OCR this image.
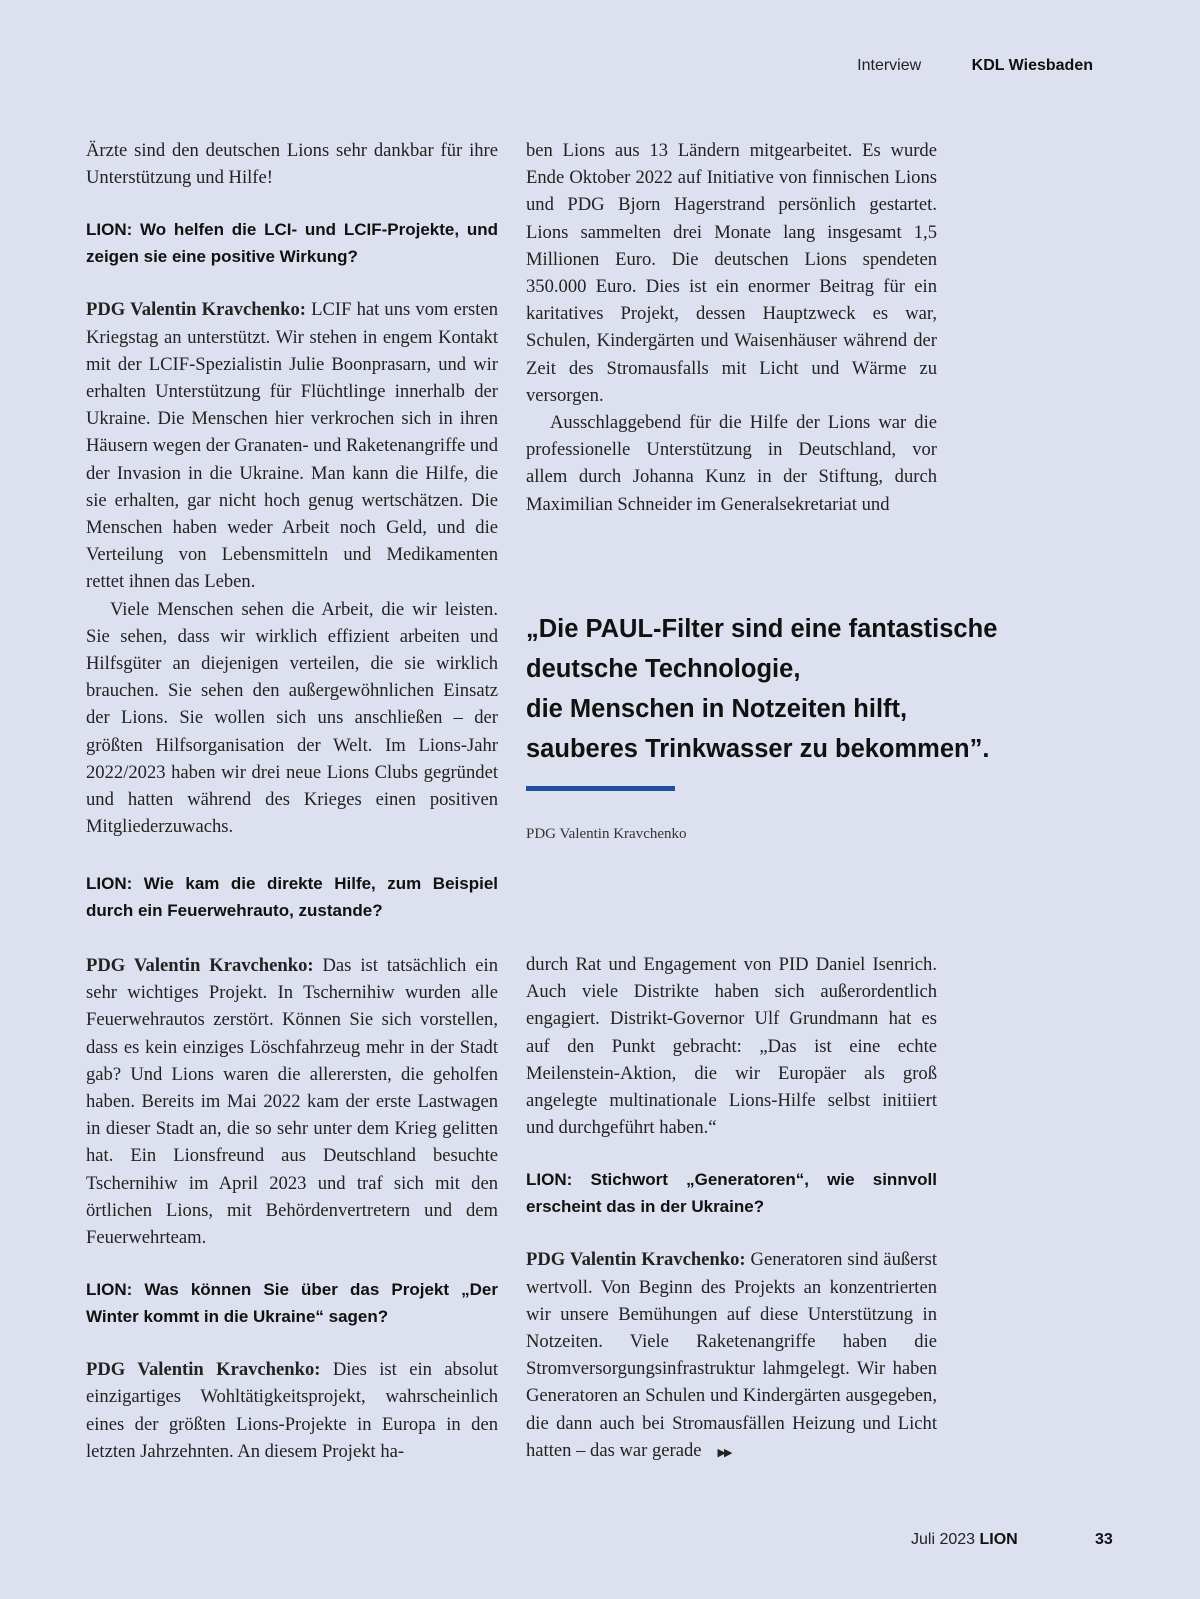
Interview	KDL Wiesbaden

Ärzte sind den deutschen Lions sehr dankbar für ihre Unterstützung und Hilfe!

LION: Wo helfen die LCI- und LCIF-Projekte, und zeigen sie eine positive Wirkung?

PDG Valentin Kravchenko: LCIF hat uns vom ersten Kriegstag an unterstützt. Wir stehen in engem Kontakt mit der LCIF-Spezialistin Julie Boonprasarn, und wir erhalten Unterstützung für Flüchtlinge innerhalb der Ukraine. Die Menschen hier verkrochen sich in ihren Häusern wegen der Granaten- und Raketenangriffe und der Invasion in die Ukraine. Man kann die Hilfe, die sie erhalten, gar nicht hoch genug wertschätzen. Die Menschen haben weder Arbeit noch Geld, und die Verteilung von Lebensmitteln und Medikamenten rettet ihnen das Leben.

Viele Menschen sehen die Arbeit, die wir leisten. Sie sehen, dass wir wirklich effizient arbeiten und Hilfsgüter an diejenigen verteilen, die sie wirklich brauchen. Sie sehen den außergewöhnlichen Einsatz der Lions. Sie wollen sich uns anschließen – der größten Hilfsorganisation der Welt. Im Lions-Jahr 2022/2023 haben wir drei neue Lions Clubs gegründet und hatten während des Krieges einen positiven Mitgliederzuwachs.

ben Lions aus 13 Ländern mitgearbeitet. Es wurde Ende Oktober 2022 auf Initiative von finnischen Lions und PDG Bjorn Hagerstrand persönlich gestartet. Lions sammelten drei Monate lang insgesamt 1,5 Millionen Euro. Die deutschen Lions spendeten 350.000 Euro. Dies ist ein enormer Beitrag für ein karitatives Projekt, dessen Hauptzweck es war, Schulen, Kindergärten und Waisenhäuser während der Zeit des Stromausfalls mit Licht und Wärme zu versorgen.

Ausschlaggebend für die Hilfe der Lions war die professionelle Unterstützung in Deutschland, vor allem durch Johanna Kunz in der Stiftung, durch Maximilian Schneider im Generalsekretariat und

„Die PAUL-Filter sind eine fantastische
deutsche Technologie,
die Menschen in Notzeiten hilft,
sauberes Trinkwasser zu bekommen”.
PDG Valentin Kravchenko

LION: Wie kam die direkte Hilfe, zum Beispiel durch ein Feuerwehrauto, zustande?

PDG Valentin Kravchenko: Das ist tatsächlich ein sehr wichtiges Projekt. In Tschernihiw wurden alle Feuerwehrautos zerstört. Können Sie sich vorstellen, dass es kein einziges Löschfahrzeug mehr in der Stadt gab? Und Lions waren die allerersten, die geholfen haben. Bereits im Mai 2022 kam der erste Lastwagen in dieser Stadt an, die so sehr unter dem Krieg gelitten hat. Ein Lionsfreund aus Deutschland besuchte Tschernihiw im April 2023 und traf sich mit den örtlichen Lions, mit Behördenvertretern und dem Feuerwehrteam.

LION: Was können Sie über das Projekt „Der Winter kommt in die Ukraine“ sagen?

PDG Valentin Kravchenko: Dies ist ein absolut einzigartiges Wohltätigkeitsprojekt, wahrscheinlich eines der größten Lions-Projekte in Europa in den letzten Jahrzehnten. An diesem Projekt ha-

durch Rat und Engagement von PID Daniel Isenrich. Auch viele Distrikte haben sich außerordentlich engagiert. Distrikt-Governor Ulf Grundmann hat es auf den Punkt gebracht: „Das ist eine echte Meilenstein-Aktion, die wir Europäer als groß angelegte multinationale Lions-Hilfe selbst initiiert und durchgeführt haben.“

LION: Stichwort „Generatoren“, wie sinnvoll erscheint das in der Ukraine?

PDG Valentin Kravchenko: Generatoren sind äußerst wertvoll. Von Beginn des Projekts an konzentrierten wir unsere Bemühungen auf diese Unterstützung in Notzeiten. Viele Raketenangriffe haben die Stromversorgungsinfrastruktur lahmgelegt. Wir haben Generatoren an Schulen und Kindergärten ausgegeben, die dann auch bei Stromausfällen Heizung und Licht hatten – das war gerade ▶▶

Juli 2023 LION	33
